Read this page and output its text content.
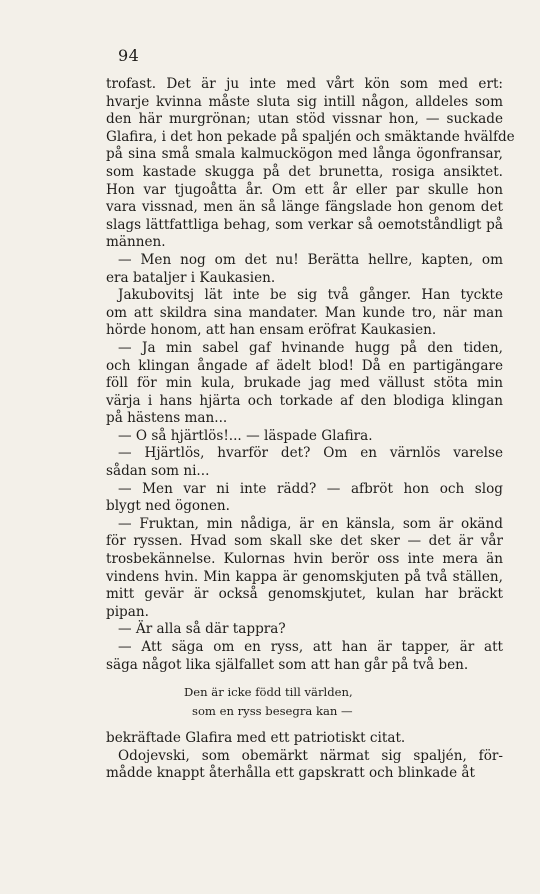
94
trofast. Det är ju inte med vårt kön som med ert:
hvarje kvinna måste sluta sig intill någon, alldeles som
den här murgrönan; utan stöd vissnar hon, — suckade
Glafira, i det hon pekade på spaljén och smäktande hvälfde
på sina små smala kalmuckögon med långa ögonfransar,
som kastade skugga på det brunetta, rosiga ansiktet.
Hon var tjugoåtta år. Om ett år eller par skulle hon
vara vissnad, men än så länge fängslade hon genom det
slags lättfattliga behag, som verkar så oemotståndligt på
männen.
— Men nog om det nu! Berätta hellre, kapten, om
era bataljer i Kaukasien.
Jakubovitsj lät inte be sig två gånger. Han tyckte
om att skildra sina mandater. Man kunde tro, när man
hörde honom, att han ensam eröfrat Kaukasien.
— Ja min sabel gaf hvinande hugg på den tiden,
och klingan ångade af ädelt blod! Då en partigängare
föll för min kula, brukade jag med vällust stöta min
värja i hans hjärta och torkade af den blodiga klingan
på hästens man...
— O så hjärtlös!... — läspade Glafira.
— Hjärtlös, hvarför det? Om en värnlös varelse
sådan som ni...
— Men var ni inte rädd? — afbröt hon och slog
blygt ned ögonen.
— Fruktan, min nådiga, är en känsla, som är okänd
för ryssen. Hvad som skall ske det sker — det är vår
trosbekännelse. Kulornas hvin berör oss inte mera än
vindens hvin. Min kappa är genomskjuten på två ställen,
mitt gevär är också genomskjutet, kulan har bräckt
pipan.
— Är alla så där tappra?
— Att säga om en ryss, att han är tapper, är att
säga något lika själfallet som att han går på två ben.
Den är icke född till världen,
som en ryss besegra kan —
bekräftade Glafira med ett patriotiskt citat.
Odojevski, som obemärkt närmat sig spaljén, för-
mådde knappt återhålla ett gapskratt och blinkade åt
